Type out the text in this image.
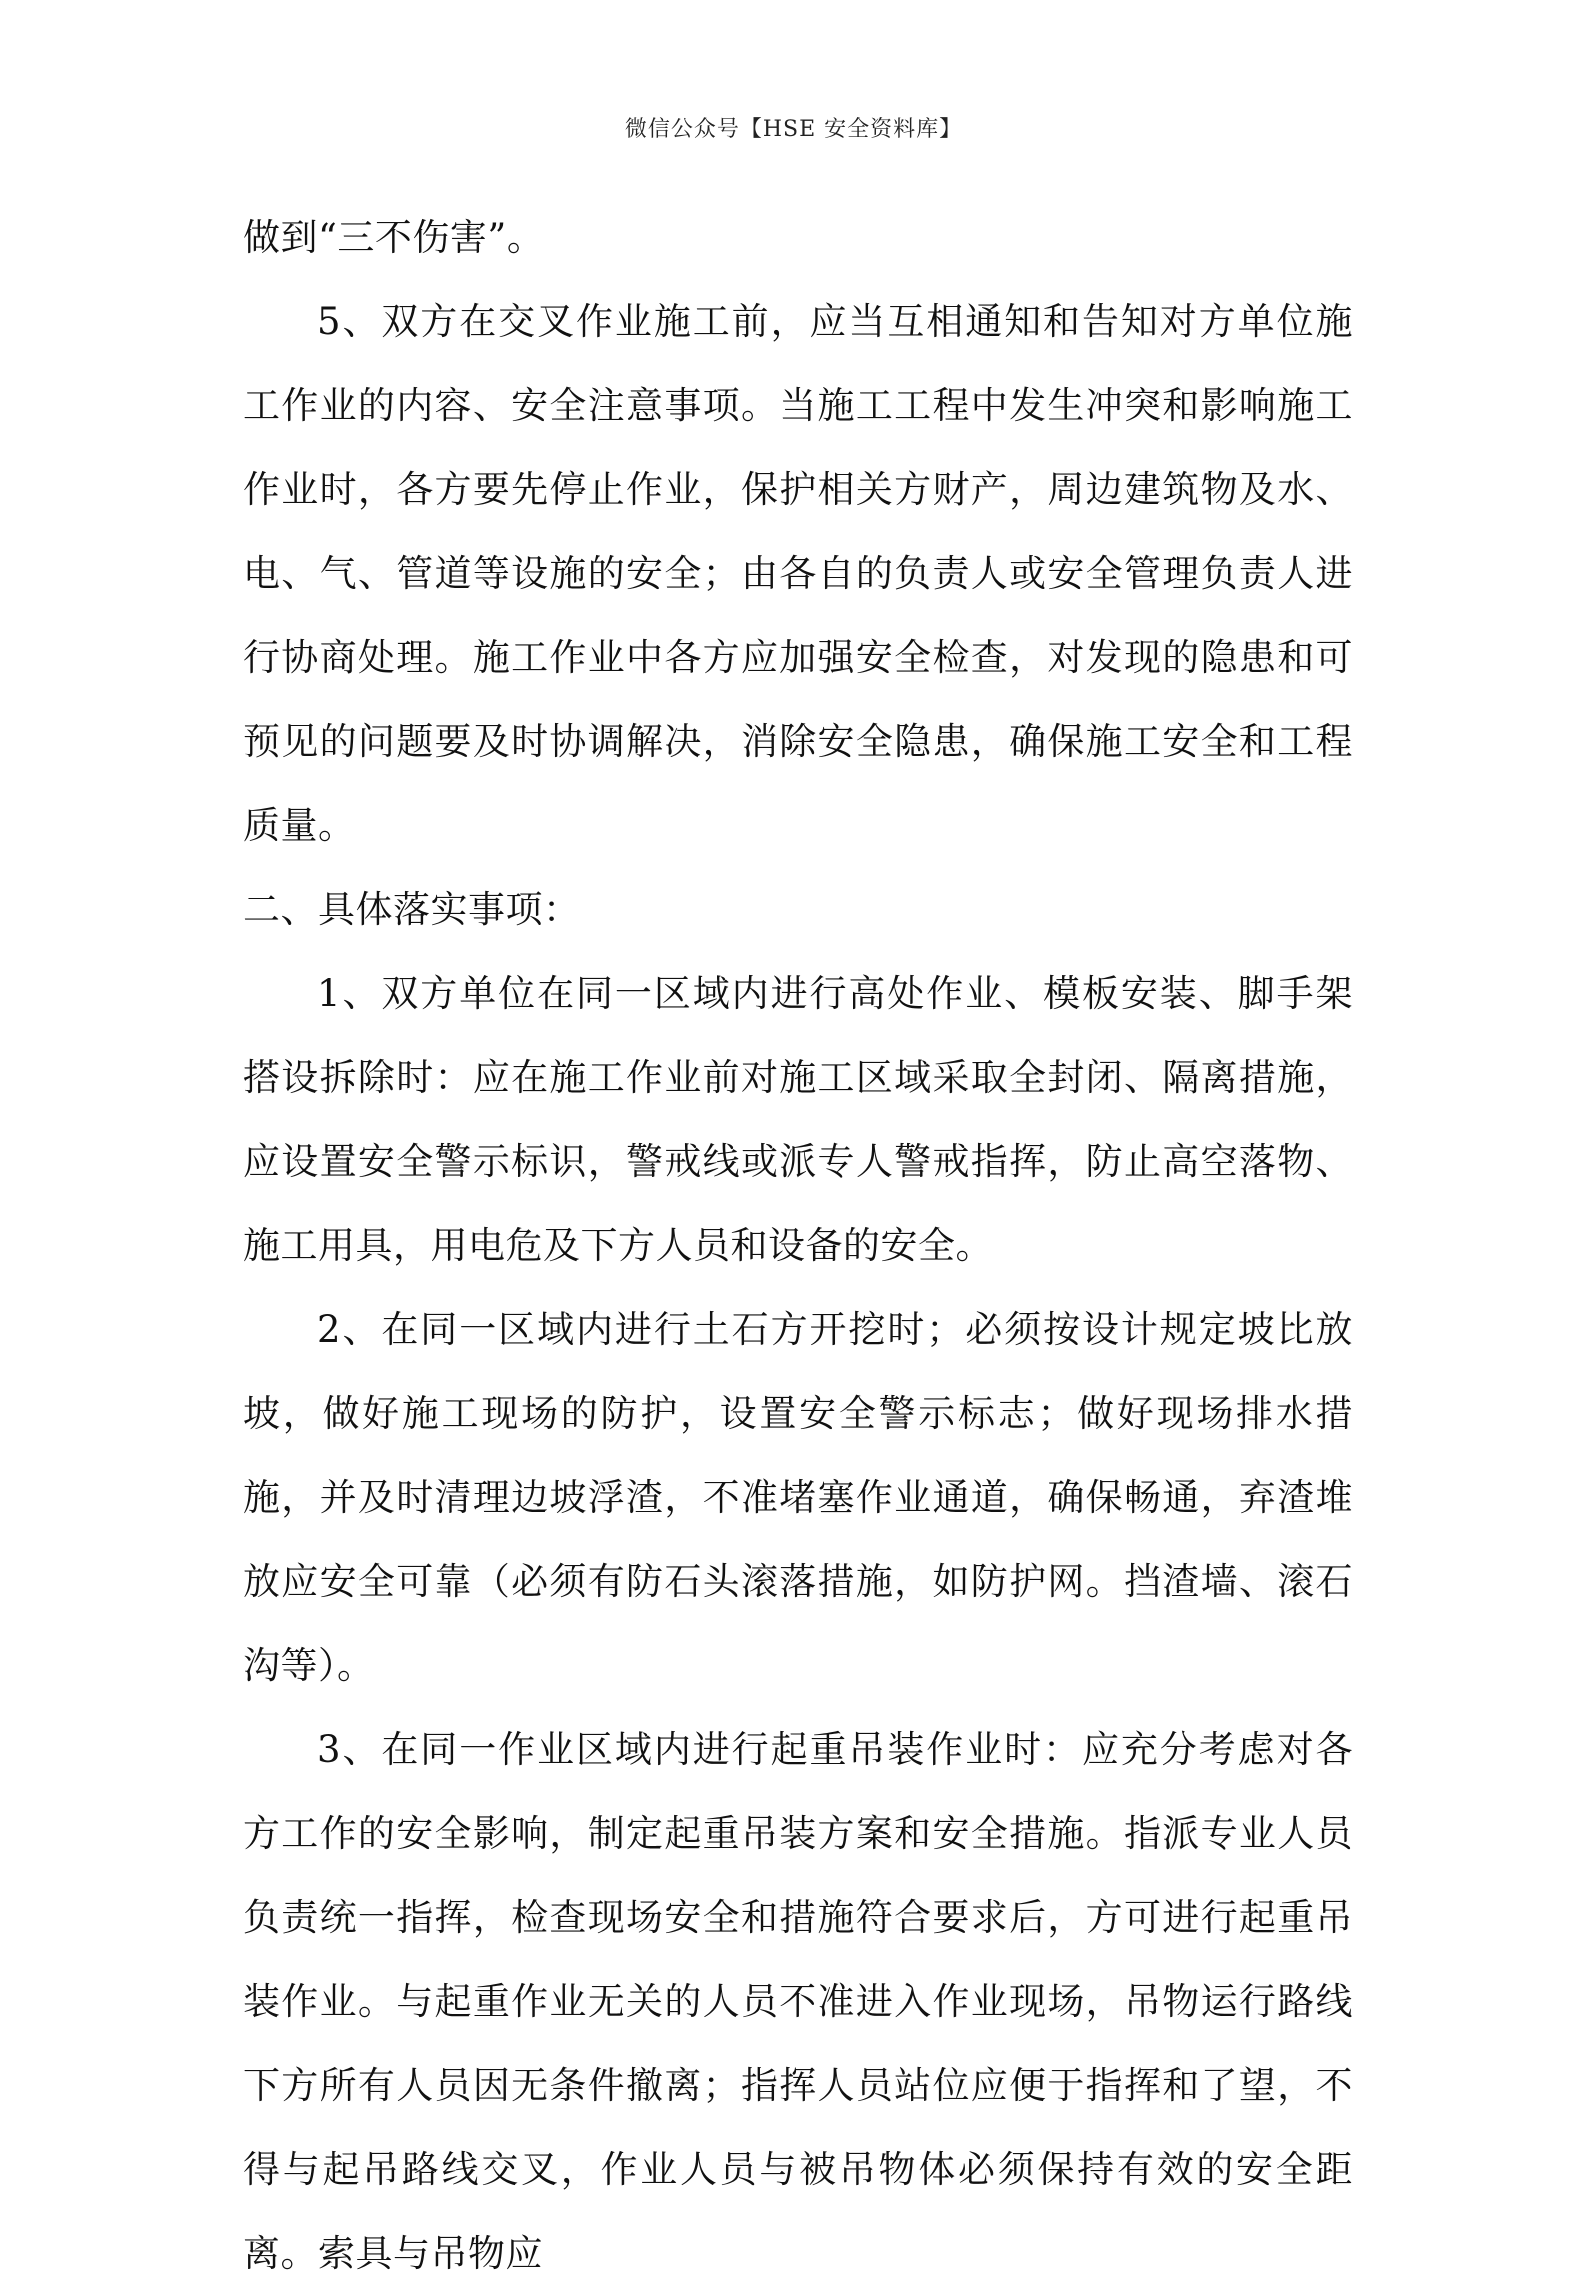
微信公众号【HSE 安全资料库】

做到“三不伤害”。

5、双方在交叉作业施工前，应当互相通知和告知对方单位施工作业的内容、安全注意事项。当施工工程中发生冲突和影响施工作业时，各方要先停止作业，保护相关方财产，周边建筑物及水、电、气、管道等设施的安全；由各自的负责人或安全管理负责人进行协商处理。施工作业中各方应加强安全检查，对发现的隐患和可预见的问题要及时协调解决，消除安全隐患，确保施工安全和工程质量。

二、具体落实事项：

1、双方单位在同一区域内进行高处作业、模板安装、脚手架搭设拆除时：应在施工作业前对施工区域采取全封闭、隔离措施，应设置安全警示标识，警戒线或派专人警戒指挥，防止高空落物、施工用具，用电危及下方人员和设备的安全。

2、在同一区域内进行土石方开挖时；必须按设计规定坡比放坡，做好施工现场的防护，设置安全警示标志；做好现场排水措施，并及时清理边坡浮渣，不准堵塞作业通道，确保畅通，弃渣堆放应安全可靠（必须有防石头滚落措施，如防护网。挡渣墙、滚石沟等）。

3、在同一作业区域内进行起重吊装作业时：应充分考虑对各方工作的安全影响，制定起重吊装方案和安全措施。指派专业人员负责统一指挥，检查现场安全和措施符合要求后，方可进行起重吊装作业。与起重作业无关的人员不准进入作业现场，吊物运行路线下方所有人员因无条件撤离；指挥人员站位应便于指挥和了望，不得与起吊路线交叉，作业人员与被吊物体必须保持有效的安全距离。索具与吊物应
